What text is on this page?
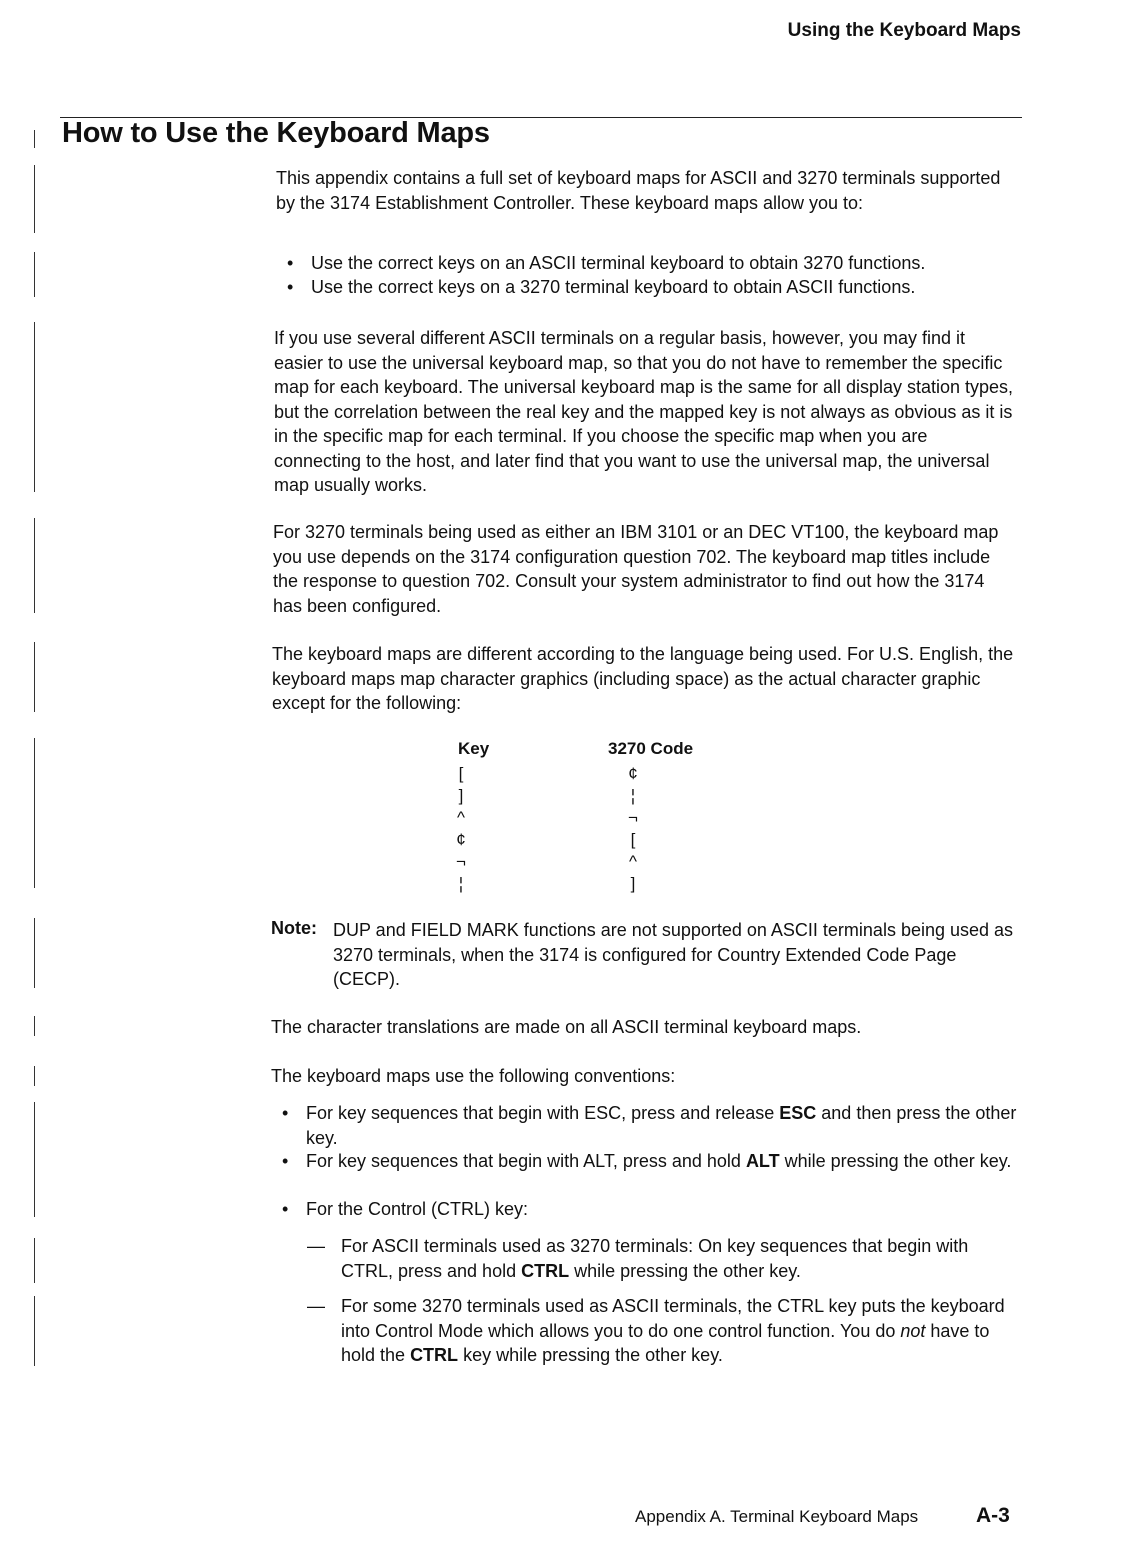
Using the Keyboard Maps
How to Use the Keyboard Maps

This appendix contains a full set of keyboard maps for ASCII and 3270 terminals supported by the 3174 Establishment Controller. These keyboard maps allow you to:

• Use the correct keys on an ASCII terminal keyboard to obtain 3270 functions.
• Use the correct keys on a 3270 terminal keyboard to obtain ASCII functions.

If you use several different ASCII terminals on a regular basis, however, you may find it easier to use the universal keyboard map, so that you do not have to remember the specific map for each keyboard. The universal keyboard map is the same for all display station types, but the correlation between the real key and the mapped key is not always as obvious as it is in the specific map for each terminal. If you choose the specific map when you are connecting to the host, and later find that you want to use the universal map, the universal map usually works.

For 3270 terminals being used as either an IBM 3101 or an DEC VT100, the keyboard map you use depends on the 3174 configuration question 702. The keyboard map titles include the response to question 702. Consult your system administrator to find out how the 3174 has been configured.

The keyboard maps are different according to the language being used. For U.S. English, the keyboard maps map character graphics (including space) as the actual character graphic except for the following:

Key	3270 Code
[	¢
]	¦
^	¬
¢	[
¬	^
¦	]
Note: DUP and FIELD MARK functions are not supported on ASCII terminals being used as 3270 terminals, when the 3174 is configured for Country Extended Code Page (CECP).

The character translations are made on all ASCII terminal keyboard maps.

The keyboard maps use the following conventions:

• For key sequences that begin with ESC, press and release ESC and then press the other key.
• For key sequences that begin with ALT, press and hold ALT while pressing the other key.
• For the Control (CTRL) key:
— For ASCII terminals used as 3270 terminals: On key sequences that begin with CTRL, press and hold CTRL while pressing the other key.
— For some 3270 terminals used as ASCII terminals, the CTRL key puts the keyboard into Control Mode which allows you to do one control function. You do not have to hold the CTRL key while pressing the other key.
Appendix A. Terminal Keyboard Maps	A-3
